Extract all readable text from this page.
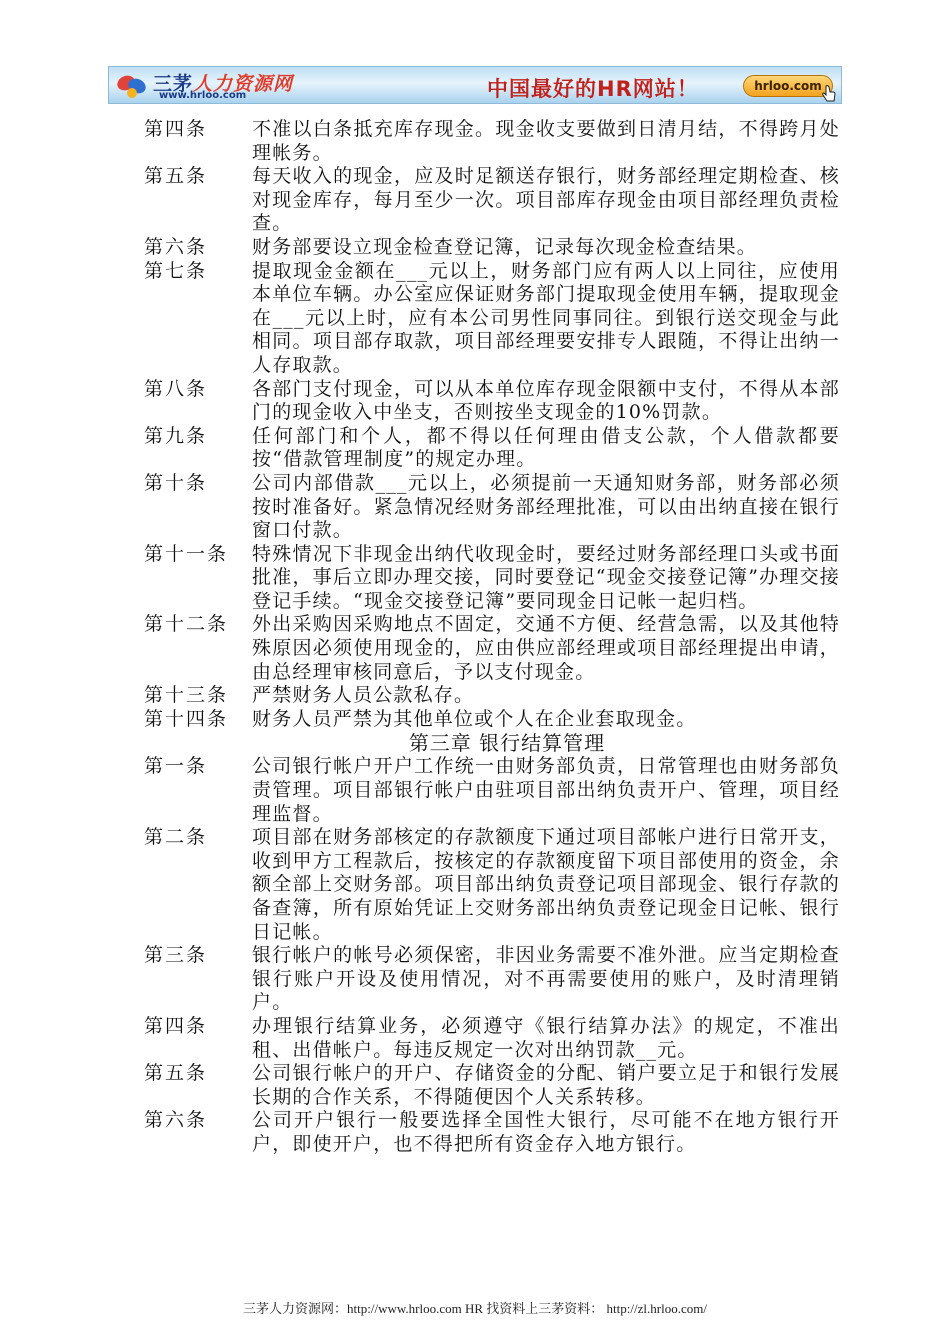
三茅人力资源网
www.hrloo.com	中国最好的HR网站！	hrloo.com
第四条	不准以白条抵充库存现金。现金收支要做到日清月结，不得跨月处理帐务。
第五条	每天收入的现金，应及时足额送存银行，财务部经理定期检查、核对现金库存，每月至少一次。项目部库存现金由项目部经理负责检查。
第六条	财务部要设立现金检查登记簿，记录每次现金检查结果。
第七条	提取现金金额在___元以上，财务部门应有两人以上同往，应使用本单位车辆。办公室应保证财务部门提取现金使用车辆，提取现金在___元以上时，应有本公司男性同事同往。到银行送交现金与此相同。项目部存取款，项目部经理要安排专人跟随，不得让出纳一人存取款。
第八条	各部门支付现金，可以从本单位库存现金限额中支付，不得从本部门的现金收入中坐支，否则按坐支现金的10%罚款。
第九条	任何部门和个人，都不得以任何理由借支公款，个人借款都要按“借款管理制度”的规定办理。
第十条	公司内部借款___元以上，必须提前一天通知财务部，财务部必须按时准备好。紧急情况经财务部经理批准，可以由出纳直接在银行窗口付款。
第十一条	特殊情况下非现金出纳代收现金时，要经过财务部经理口头或书面批准，事后立即办理交接，同时要登记“现金交接登记簿”办理交接登记手续。“现金交接登记簿”要同现金日记帐一起归档。
第十二条	外出采购因采购地点不固定，交通不方便、经营急需，以及其他特殊原因必须使用现金的，应由供应部经理或项目部经理提出申请，由总经理审核同意后，予以支付现金。
第十三条	严禁财务人员公款私存。
第十四条	财务人员严禁为其他单位或个人在企业套取现金。
第三章 银行结算管理
第一条	公司银行帐户开户工作统一由财务部负责，日常管理也由财务部负责管理。项目部银行帐户由驻项目部出纳负责开户、管理，项目经理监督。
第二条	项目部在财务部核定的存款额度下通过项目部帐户进行日常开支，收到甲方工程款后，按核定的存款额度留下项目部使用的资金，余额全部上交财务部。项目部出纳负责登记项目部现金、银行存款的备查簿，所有原始凭证上交财务部出纳负责登记现金日记帐、银行日记帐。
第三条	银行帐户的帐号必须保密，非因业务需要不准外泄。应当定期检查银行账户开设及使用情况，对不再需要使用的账户，及时清理销户。
第四条	办理银行结算业务，必须遵守《银行结算办法》的规定，不准出租、出借帐户。每违反规定一次对出纳罚款__元。
第五条	公司银行帐户的开户、存储资金的分配、销户要立足于和银行发展长期的合作关系，不得随便因个人关系转移。
第六条	公司开户银行一般要选择全国性大银行，尽可能不在地方银行开户，即使开户，也不得把所有资金存入地方银行。
三茅人力资源网：http://www.hrloo.com HR 找资料上三茅资料： http://zl.hrloo.com/
